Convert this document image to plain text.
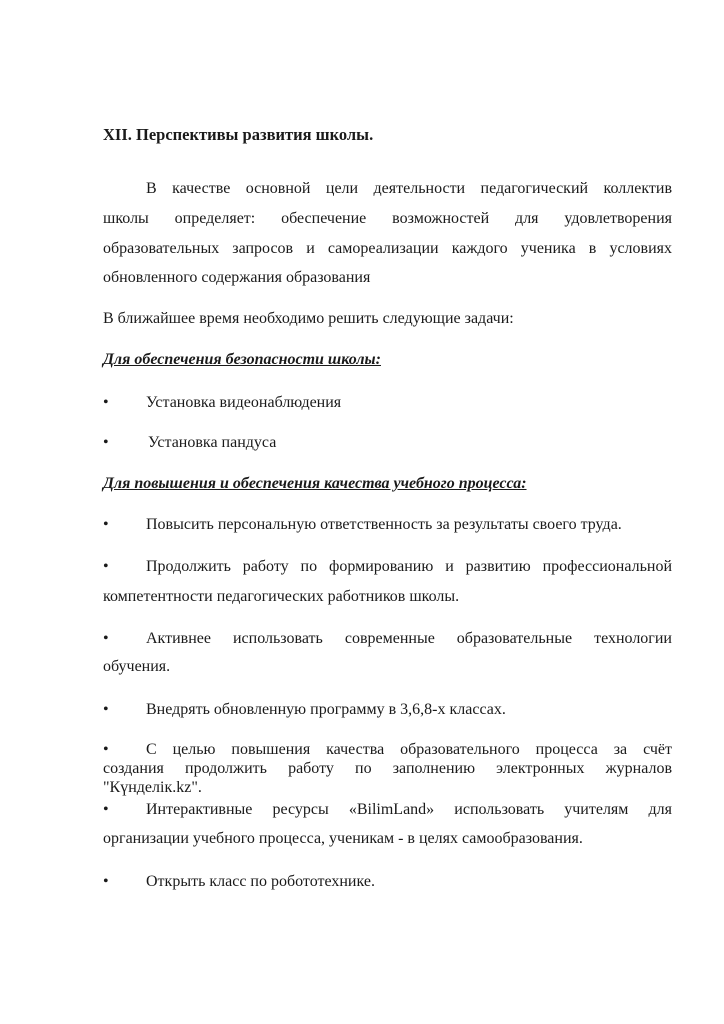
XII. Перспективы развития школы.

В качестве основной цели деятельности педагогический коллектив

школы определяет: обеспечение возможностей для удовлетворения

образовательных запросов и самореализации каждого ученика в условиях

обновленного содержания образования

В ближайшее время необходимо решить следующие задачи:

Для обеспечения безопасности школы:

• Установка видеонаблюдения
• Установка пандуса

Для повышения и обеспечения качества учебного процесса:

• Повысить персональную ответственность за результаты своего труда.
• Продолжить работу по формированию и развитию профессиональной

компетентности педагогических работников школы.

• Активнее использовать современные образовательные технологии

обучения.

• Внедрять обновленную программу в 3,6,8-х классах.
• С целью повышения качества образовательного процесса за счёт

создания продолжить работу по заполнению электронных журналов

"Күнделік.kz".

• Интерактивные ресурсы «BilimLand» использовать учителям для

организации учебного процесса, ученикам - в целях самообразования.

• Открыть класс по робототехнике.
